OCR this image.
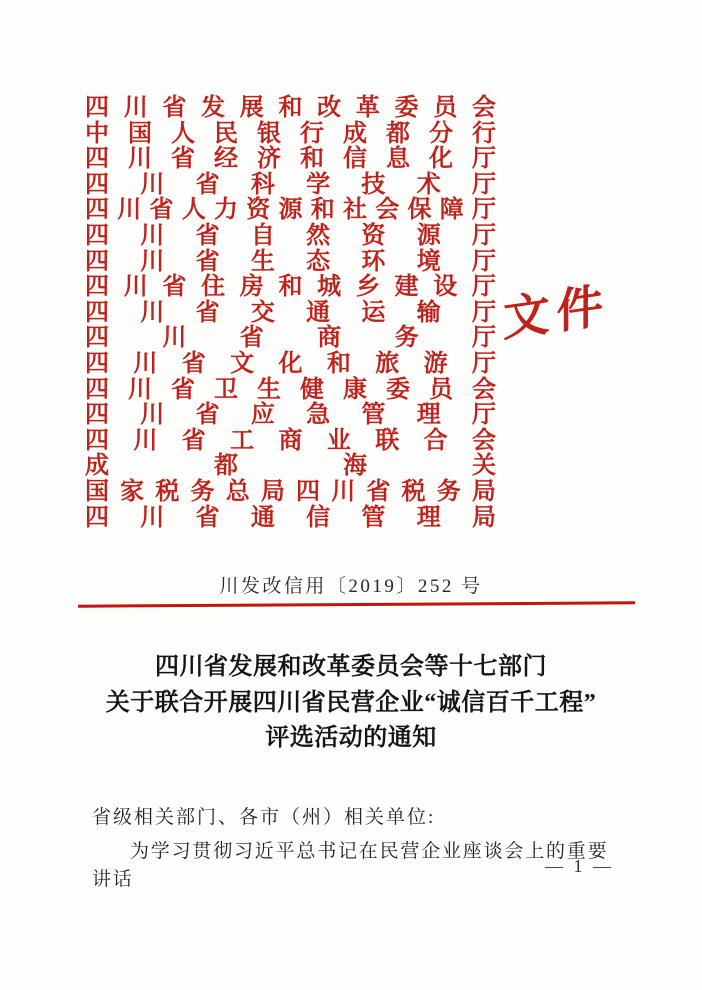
四 川 省 发 展 和 改 革 委 员 会
中 国 人 民 银 行 成 都 分 行
四 川 省 经 济 和 信 息 化 厅
四 川 省 科 学 技 术 厅
四 川 省 人 力 资 源 和 社 会 保 障 厅
四 川 省 自 然 资 源 厅
四 川 省 生 态 环 境 厅
四 川 省 住 房 和 城 乡 建 设 厅
四 川 省 交 通 运 输 厅
四 川 省 商 务 厅
四 川 省 文 化 和 旅 游 厅
四 川 省 卫 生 健 康 委 员 会
四 川 省 应 急 管 理 厅
四 川 省 工 商 业 联 合 会
成	都	海	关
国 家 税 务 总 局 四 川 省 税 务 局
四 川 省 通 信 管 理 局
文件
川发改信用〔2019〕252 号
四川省发展和改革委员会等十七部门
关于联合开展四川省民营企业“诚信百千工程”
评选活动的通知
省级相关部门、各市（州）相关单位:
为学习贯彻习近平总书记在民营企业座谈会上的重要讲话
— 1 —
